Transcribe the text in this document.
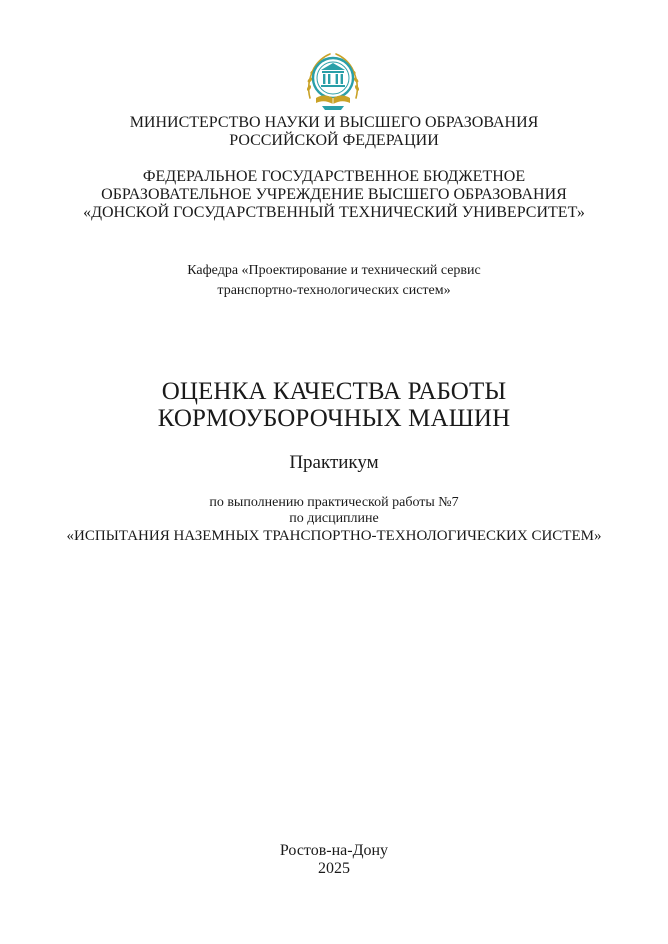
МИНИСТЕРСТВО НАУКИ И ВЫСШЕГО ОБРАЗОВАНИЯ
РОССИЙСКОЙ ФЕДЕРАЦИИ
ФЕДЕРАЛЬНОЕ ГОСУДАРСТВЕННОЕ БЮДЖЕТНОЕ
ОБРАЗОВАТЕЛЬНОЕ УЧРЕЖДЕНИЕ ВЫСШЕГО ОБРАЗОВАНИЯ
«ДОНСКОЙ ГОСУДАРСТВЕННЫЙ ТЕХНИЧЕСКИЙ УНИВЕРСИТЕТ»
Кафедра «Проектирование и технический сервис
транспортно-технологических систем»
ОЦЕНКА КАЧЕСТВА РАБОТЫ
КОРМОУБОРОЧНЫХ МАШИН
Практикум
по выполнению практической работы №7
по дисциплине
«ИСПЫТАНИЯ НАЗЕМНЫХ ТРАНСПОРТНО-ТЕХНОЛОГИЧЕСКИХ СИСТЕМ»
Ростов-на-Дону
2025
